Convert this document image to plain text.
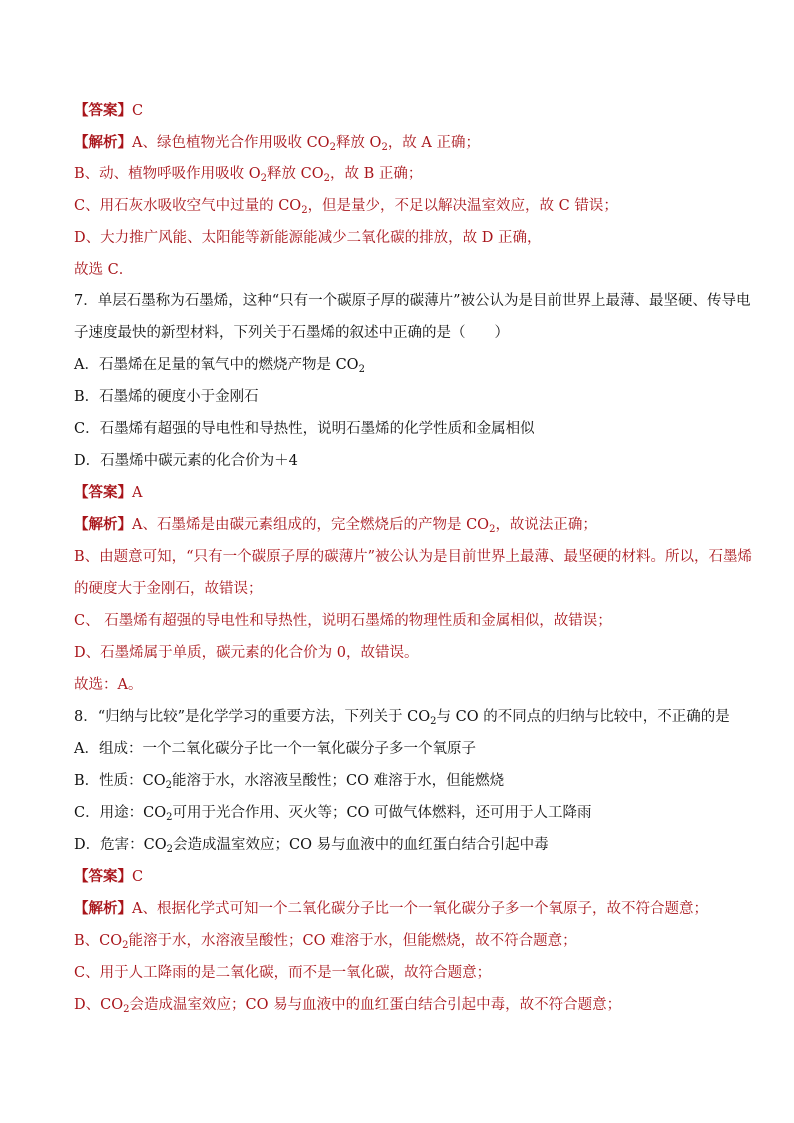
【答案】C
【解析】A、绿色植物光合作用吸收 $CO_2$释放 $O_2$，故 A 正确；
B、动、植物呼吸作用吸收 $O_2$释放 $CO_2$，故 B 正确；
C、用石灰水吸收空气中过量的 $CO_2$，但是量少，不足以解决温室效应，故 C 错误；
D、大力推广风能、太阳能等新能源能减少二氧化碳的排放，故 D 正确，
故选 C．
7．单层石墨称为石墨烯，这种“只有一个碳原子厚的碳薄片”被公认为是目前世界上最薄、最坚硬、传导电
子速度最快的新型材料，下列关于石墨烯的叙述中正确的是（　　）
A．石墨烯在足量的氧气中的燃烧产物是 $CO_2$
B．石墨烯的硬度小于金刚石
C．石墨烯有超强的导电性和导热性，说明石墨烯的化学性质和金属相似
D．石墨烯中碳元素的化合价为＋4
【答案】A
【解析】A、石墨烯是由碳元素组成的，完全燃烧后的产物是 $CO_2$，故说法正确；
B、由题意可知，“只有一个碳原子厚的碳薄片”被公认为是目前世界上最薄、最坚硬的材料。所以，石墨烯
的硬度大于金刚石，故错误；
C、 石墨烯有超强的导电性和导热性，说明石墨烯的物理性质和金属相似，故错误；
D、石墨烯属于单质，碳元素的化合价为 0，故错误。
故选：A。
8．“归纳与比较”是化学学习的重要方法，下列关于 $CO_2$与 CO 的不同点的归纳与比较中，不正确的是
A．组成：一个二氧化碳分子比一个一氧化碳分子多一个氧原子
B．性质：$CO_2$能溶于水，水溶液呈酸性；CO 难溶于水，但能燃烧
C．用途：$CO_2$可用于光合作用、灭火等；CO 可做气体燃料，还可用于人工降雨
D．危害：$CO_2$会造成温室效应；CO 易与血液中的血红蛋白结合引起中毒
【答案】C
【解析】A、根据化学式可知一个二氧化碳分子比一个一氧化碳分子多一个氧原子，故不符合题意；
B、$CO_2$能溶于水，水溶液呈酸性；CO 难溶于水，但能燃烧，故不符合题意；
C、用于人工降雨的是二氧化碳，而不是一氧化碳，故符合题意；
D、$CO_2$会造成温室效应；CO 易与血液中的血红蛋白结合引起中毒，故不符合题意；
